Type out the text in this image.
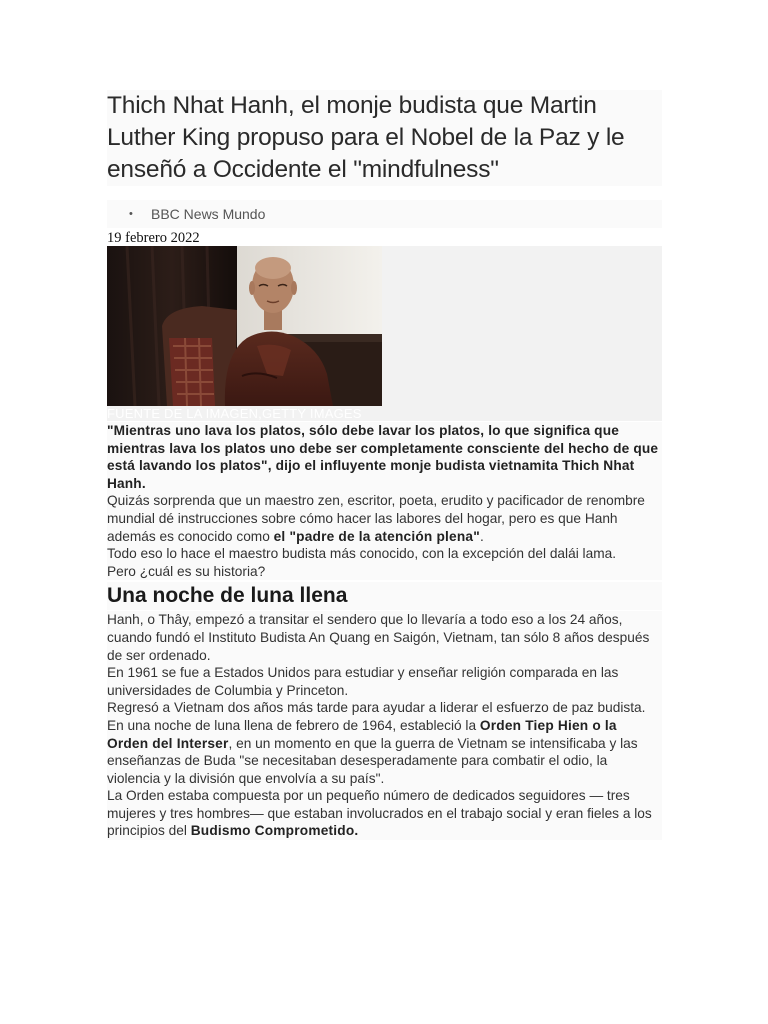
Thich Nhat Hanh, el monje budista que Martin Luther King propuso para el Nobel de la Paz y le enseñó a Occidente el "mindfulness"
• BBC News Mundo
19 febrero 2022
FUENTE DE LA IMAGEN,GETTY IMAGES
"Mientras uno lava los platos, sólo debe lavar los platos, lo que significa que mientras lava los platos uno debe ser completamente consciente del hecho de que está lavando los platos", dijo el influyente monje budista vietnamita Thich Nhat Hanh.

Quizás sorprenda que un maestro zen, escritor, poeta, erudito y pacificador de renombre mundial dé instrucciones sobre cómo hacer las labores del hogar, pero es que Hanh además es conocido como el "padre de la atención plena".

Todo eso lo hace el maestro budista más conocido, con la excepción del dalái lama.

Pero ¿cuál es su historia?

Una noche de luna llena

Hanh, o Thây, empezó a transitar el sendero que lo llevaría a todo eso a los 24 años, cuando fundó el Instituto Budista An Quang en Saigón, Vietnam, tan sólo 8 años después de ser ordenado.

En 1961 se fue a Estados Unidos para estudiar y enseñar religión comparada en las universidades de Columbia y Princeton.

Regresó a Vietnam dos años más tarde para ayudar a liderar el esfuerzo de paz budista.

En una noche de luna llena de febrero de 1964, estableció la Orden Tiep Hien o la Orden del Interser, en un momento en que la guerra de Vietnam se intensificaba y las enseñanzas de Buda "se necesitaban desesperadamente para combatir el odio, la violencia y la división que envolvía a su país".

La Orden estaba compuesta por un pequeño número de dedicados seguidores — tres mujeres y tres hombres— que estaban involucrados en el trabajo social y eran fieles a los principios del Budismo Comprometido.
